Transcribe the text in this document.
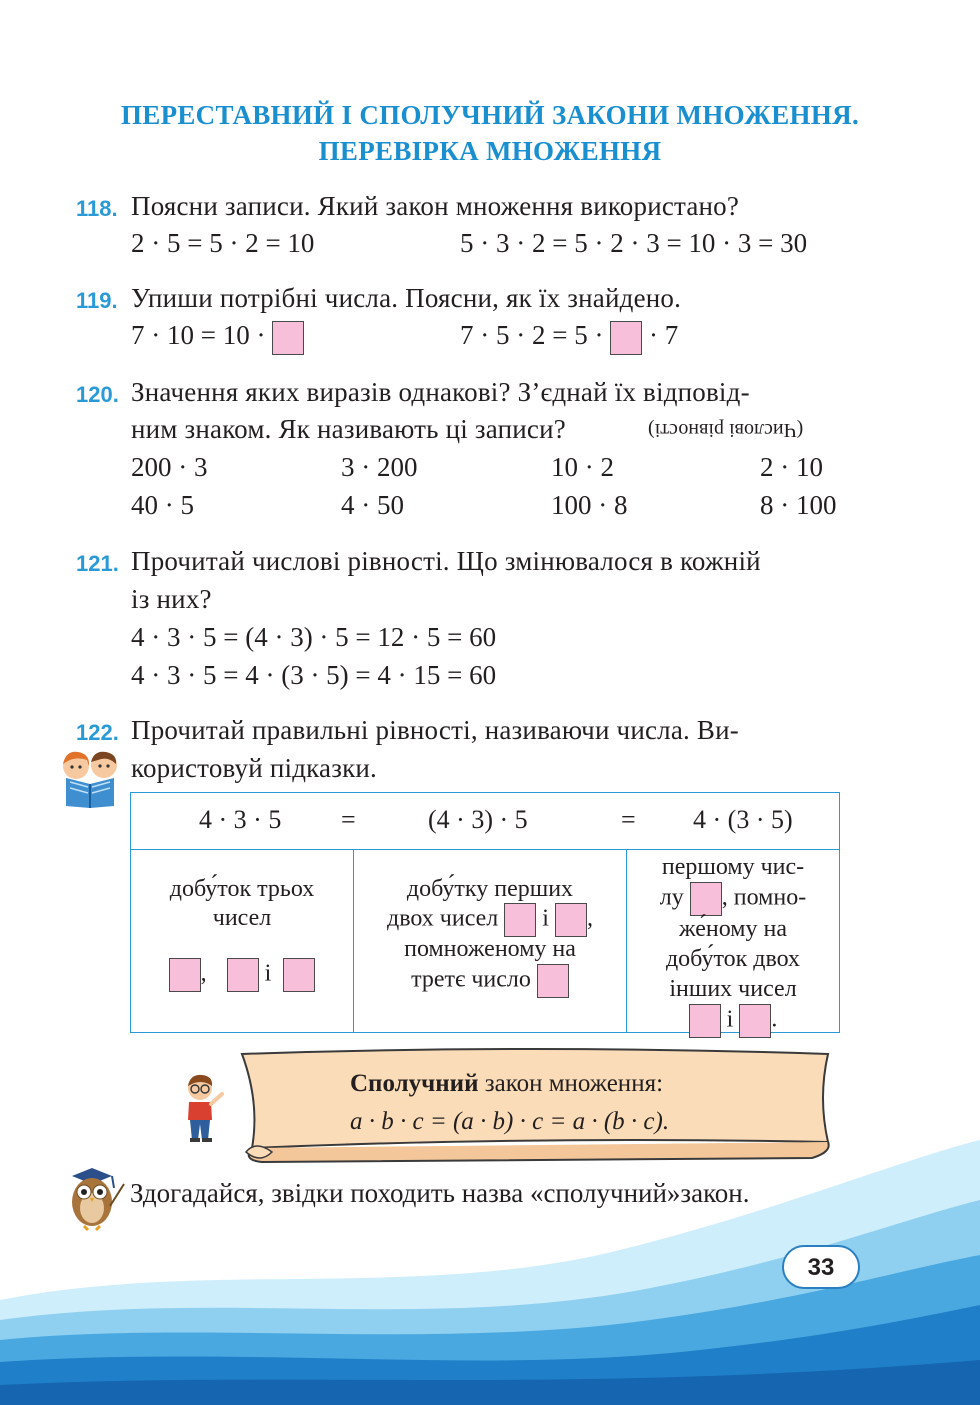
ПЕРЕСТАВНИЙ І СПОЛУЧНИЙ ЗАКОНИ МНОЖЕННЯ.
ПЕРЕВІРКА МНОЖЕННЯ
118. Поясни записи. Який закон множення використано?
2 · 5 = 5 · 2 = 10	5 · 3 · 2 = 5 · 2 · 3 = 10 · 3 = 30
119. Упиши потрібні числа. Поясни, як їх знайдено.
7 · 10 = 10 ·	7 · 5 · 2 = 5 · · 7
120. Значення яких виразів однакові? З’єднай їх відповід-
ним знаком. Як називають ці записи?	(Числові рівності)
200 · 3	3 · 200	10 · 2	2 · 10
40 · 5	4 · 50	100 · 8	8 · 100
121. Прочитай числові рівності. Що змінювалося в кожній
із них?
4 · 3 · 5 = (4 · 3) · 5 = 12 · 5 = 60
4 · 3 · 5 = 4 · (3 · 5) = 4 · 15 = 60
122. Прочитай правильні рівності, називаючи числа. Ви-
користовуй підказки.
4 · 3 · 5 =	(4 · 3) · 5	= 4 · (3 · 5)

добу́ток трьох
чисел
, і

добу́тку перших
двох чисел і ,
помноженому на
третє число

першому чис-
лу , помно-
же́ному на
добу́ток двох
інших чисел
і .
Сполучний закон множення:
a · b · c = (a · b) · c = a · (b · c).
Здогадайся, звідки походить назва «сполучний»закон.
33
